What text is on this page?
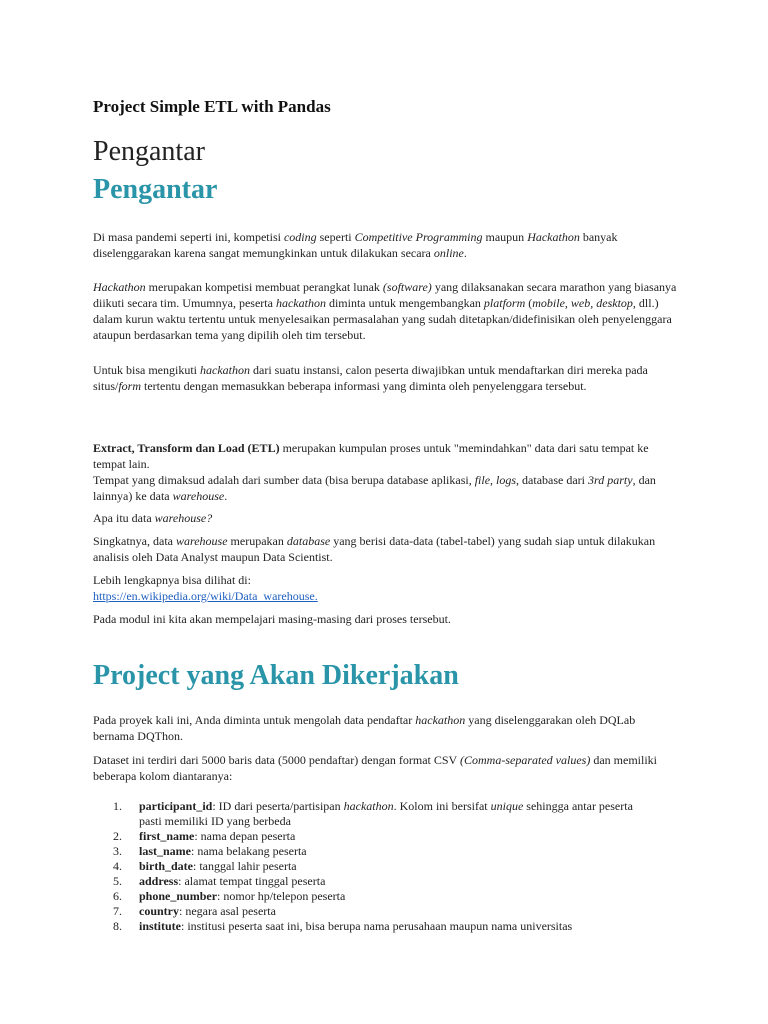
Project Simple ETL with Pandas
Pengantar
Pengantar

Di masa pandemi seperti ini, kompetisi coding seperti Competitive Programming maupun Hackathon banyak diselenggarakan karena sangat memungkinkan untuk dilakukan secara online.

Hackathon merupakan kompetisi membuat perangkat lunak (software) yang dilaksanakan secara marathon yang biasanya diikuti secara tim. Umumnya, peserta hackathon diminta untuk mengembangkan platform (mobile, web, desktop, dll.) dalam kurun waktu tertentu untuk menyelesaikan permasalahan yang sudah ditetapkan/didefinisikan oleh penyelenggara ataupun berdasarkan tema yang dipilih oleh tim tersebut.

Untuk bisa mengikuti hackathon dari suatu instansi, calon peserta diwajibkan untuk mendaftarkan diri mereka pada situs/form tertentu dengan memasukkan beberapa informasi yang diminta oleh penyelenggara tersebut.

Extract, Transform dan Load (ETL) merupakan kumpulan proses untuk "memindahkan" data dari satu tempat ke tempat lain.
Tempat yang dimaksud adalah dari sumber data (bisa berupa database aplikasi, file, logs, database dari 3rd party, dan lainnya) ke data warehouse.

Apa itu data warehouse?

Singkatnya, data warehouse merupakan database yang berisi data-data (tabel-tabel) yang sudah siap untuk dilakukan analisis oleh Data Analyst maupun Data Scientist.

Lebih lengkapnya bisa dilihat di:
https://en.wikipedia.org/wiki/Data_warehouse.

Pada modul ini kita akan mempelajari masing-masing dari proses tersebut.

Project yang Akan Dikerjakan

Pada proyek kali ini, Anda diminta untuk mengolah data pendaftar hackathon yang diselenggarakan oleh DQLab bernama DQThon.

Dataset ini terdiri dari 5000 baris data (5000 pendaftar) dengan format CSV (Comma-separated values) dan memiliki beberapa kolom diantaranya:

1. participant_id: ID dari peserta/partisipan hackathon. Kolom ini bersifat unique sehingga antar peserta pasti memiliki ID yang berbeda
2. first_name: nama depan peserta
3. last_name: nama belakang peserta
4. birth_date: tanggal lahir peserta
5. address: alamat tempat tinggal peserta
6. phone_number: nomor hp/telepon peserta
7. country: negara asal peserta
8. institute: institusi peserta saat ini, bisa berupa nama perusahaan maupun nama universitas
